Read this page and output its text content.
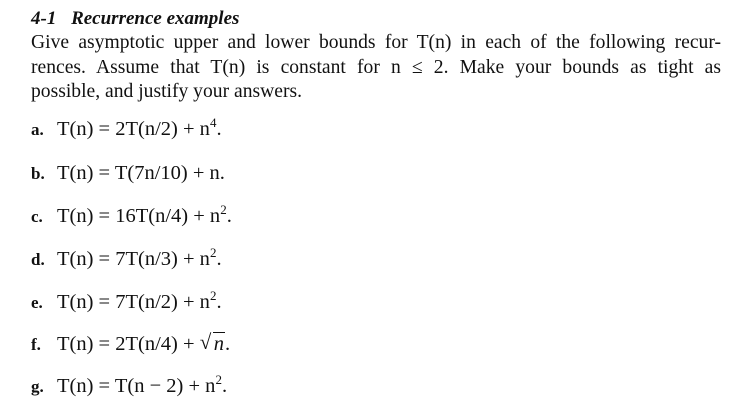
4-1 Recurrence examples
Give asymptotic upper and lower bounds for T(n) in each of the following recur-
rences. Assume that T(n) is constant for n ≤ 2. Make your bounds as tight as
possible, and justify your answers.
a. $T(n) = 2T(n/2) + n^4$.
b. T(n) = T(7n/10) + n.
c. $T(n) = 16T(n/4) + n^2$.
d. $T(n) = 7T(n/3) + n^2$.
e. $T(n) = 7T(n/2) + n^2$.
f. T(n) = 2T(n/4) + √ n.
g. $T(n) = T(n - 2) + n^2$.
